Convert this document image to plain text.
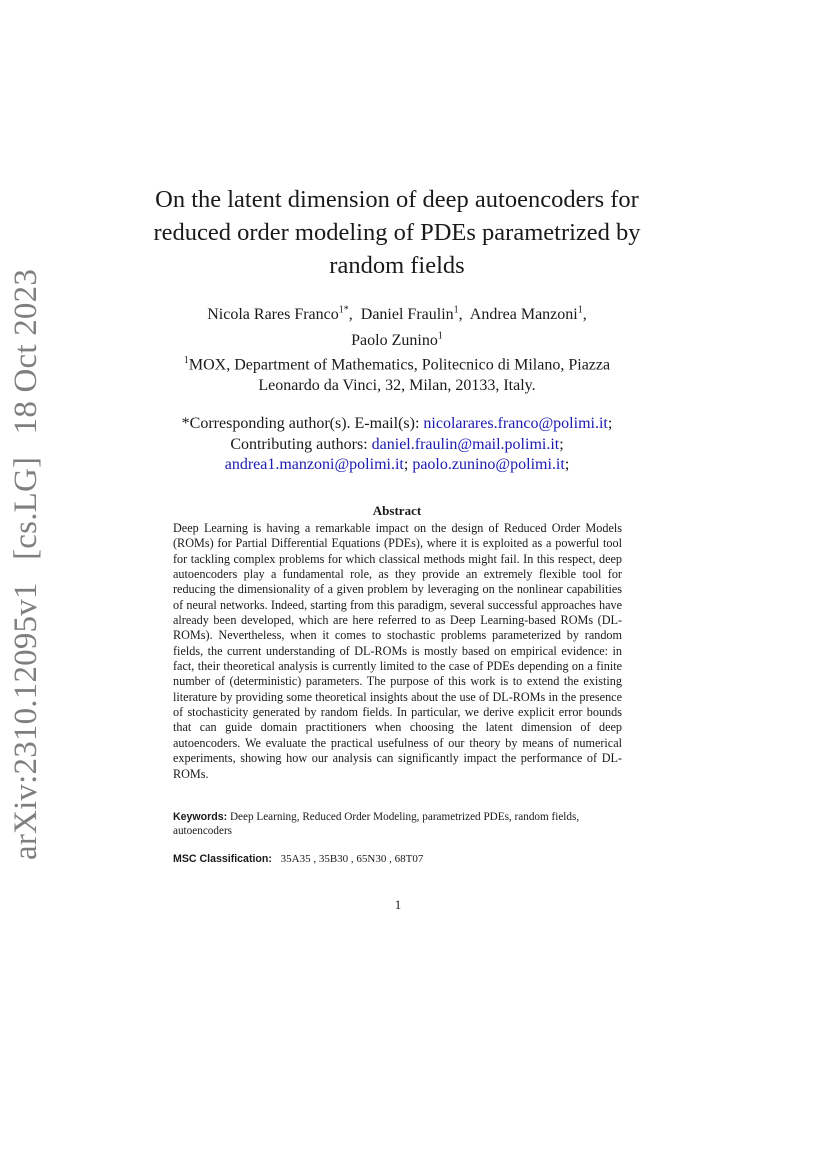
arXiv:2310.12095v1 [cs.LG] 18 Oct 2023
On the latent dimension of deep autoencoders for
reduced order modeling of PDEs parametrized by
random fields
Nicola Rares Franco$^{1*}$, Daniel Fraulin$^1$, Andrea Manzoni$^1$,
Paolo Zunino$^1$
$^1$MOX, Department of Mathematics, Politecnico di Milano, Piazza
Leonardo da Vinci, 32, Milan, 20133, Italy.
*Corresponding author(s). E-mail(s): nicolarares.franco@polimi.it;
Contributing authors: daniel.fraulin@mail.polimi.it;
andrea1.manzoni@polimi.it; paolo.zunino@polimi.it;
Abstract

Deep Learning is having a remarkable impact on the design of Reduced Order Models (ROMs) for Partial Differential Equations (PDEs), where it is exploited as a powerful tool for tackling complex problems for which classical methods might fail. In this respect, deep autoencoders play a fundamental role, as they provide an extremely flexible tool for reducing the dimensionality of a given problem by leveraging on the nonlinear capabilities of neural networks. Indeed, starting from this paradigm, several successful approaches have already been developed, which are here referred to as Deep Learning-based ROMs (DL-ROMs). Nevertheless, when it comes to stochastic problems parameterized by random fields, the current understanding of DL-ROMs is mostly based on empirical evidence: in fact, their theoretical analysis is currently limited to the case of PDEs depending on a finite number of (deterministic) parameters. The purpose of this work is to extend the existing literature by providing some theoretical insights about the use of DL-ROMs in the presence of stochasticity generated by random fields. In particular, we derive explicit error bounds that can guide domain practitioners when choosing the latent dimension of deep autoencoders. We evaluate the practical usefulness of our theory by means of numerical experiments, showing how our analysis can significantly impact the performance of DL-ROMs.

Keywords: Deep Learning, Reduced Order Modeling, parametrized PDEs, random fields, autoencoders

MSC Classification: 35A35 , 35B30 , 65N30 , 68T07

1
